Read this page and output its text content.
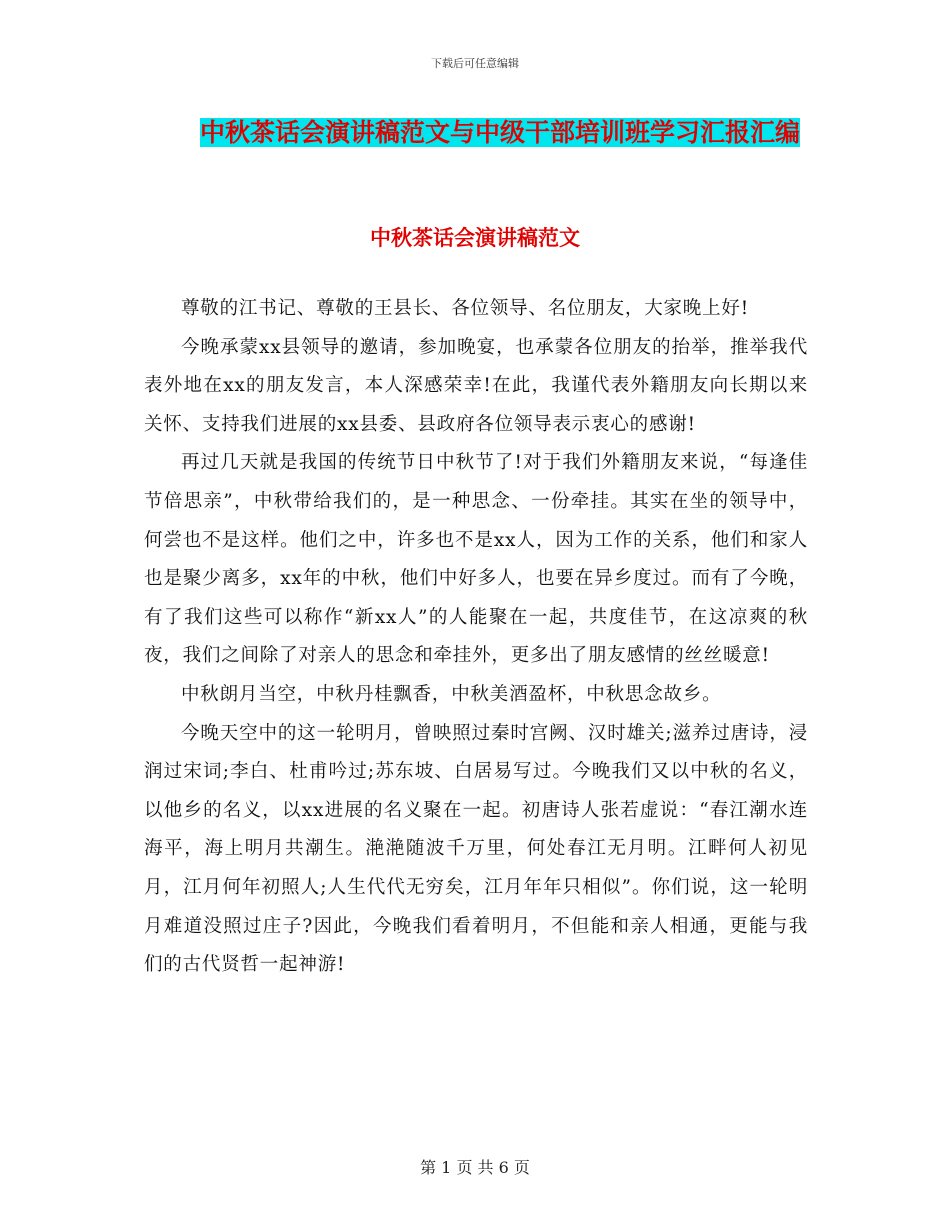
下载后可任意编辑
中秋茶话会演讲稿范文与中级干部培训班学习汇报汇编
中秋茶话会演讲稿范文

尊敬的江书记、尊敬的王县长、各位领导、名位朋友，大家晚上好!

今晚承蒙xx县领导的邀请，参加晚宴，也承蒙各位朋友的抬举，推举我代表外地在xx的朋友发言，本人深感荣幸!在此，我谨代表外籍朋友向长期以来关怀、支持我们进展的xx县委、县政府各位领导表示衷心的感谢!

再过几天就是我国的传统节日中秋节了!对于我们外籍朋友来说，“每逢佳节倍思亲”，中秋带给我们的，是一种思念、一份牵挂。其实在坐的领导中，何尝也不是这样。他们之中，许多也不是xx人，因为工作的关系，他们和家人也是聚少离多，xx年的中秋，他们中好多人，也要在异乡度过。而有了今晚，有了我们这些可以称作“新xx人”的人能聚在一起，共度佳节，在这凉爽的秋夜，我们之间除了对亲人的思念和牵挂外，更多出了朋友感情的丝丝暖意!

中秋朗月当空，中秋丹桂飘香，中秋美酒盈杯，中秋思念故乡。

今晚天空中的这一轮明月，曾映照过秦时宫阙、汉时雄关;滋养过唐诗，浸润过宋词;李白、杜甫吟过;苏东坡、白居易写过。今晚我们又以中秋的名义，以他乡的名义，以xx进展的名义聚在一起。初唐诗人张若虚说：“春江潮水连海平，海上明月共潮生。滟滟随波千万里，何处春江无月明。江畔何人初见月，江月何年初照人;人生代代无穷矣，江月年年只相似”。你们说，这一轮明月难道没照过庄子?因此，今晚我们看着明月，不但能和亲人相通，更能与我们的古代贤哲一起神游!

第 1 页 共 6 页
